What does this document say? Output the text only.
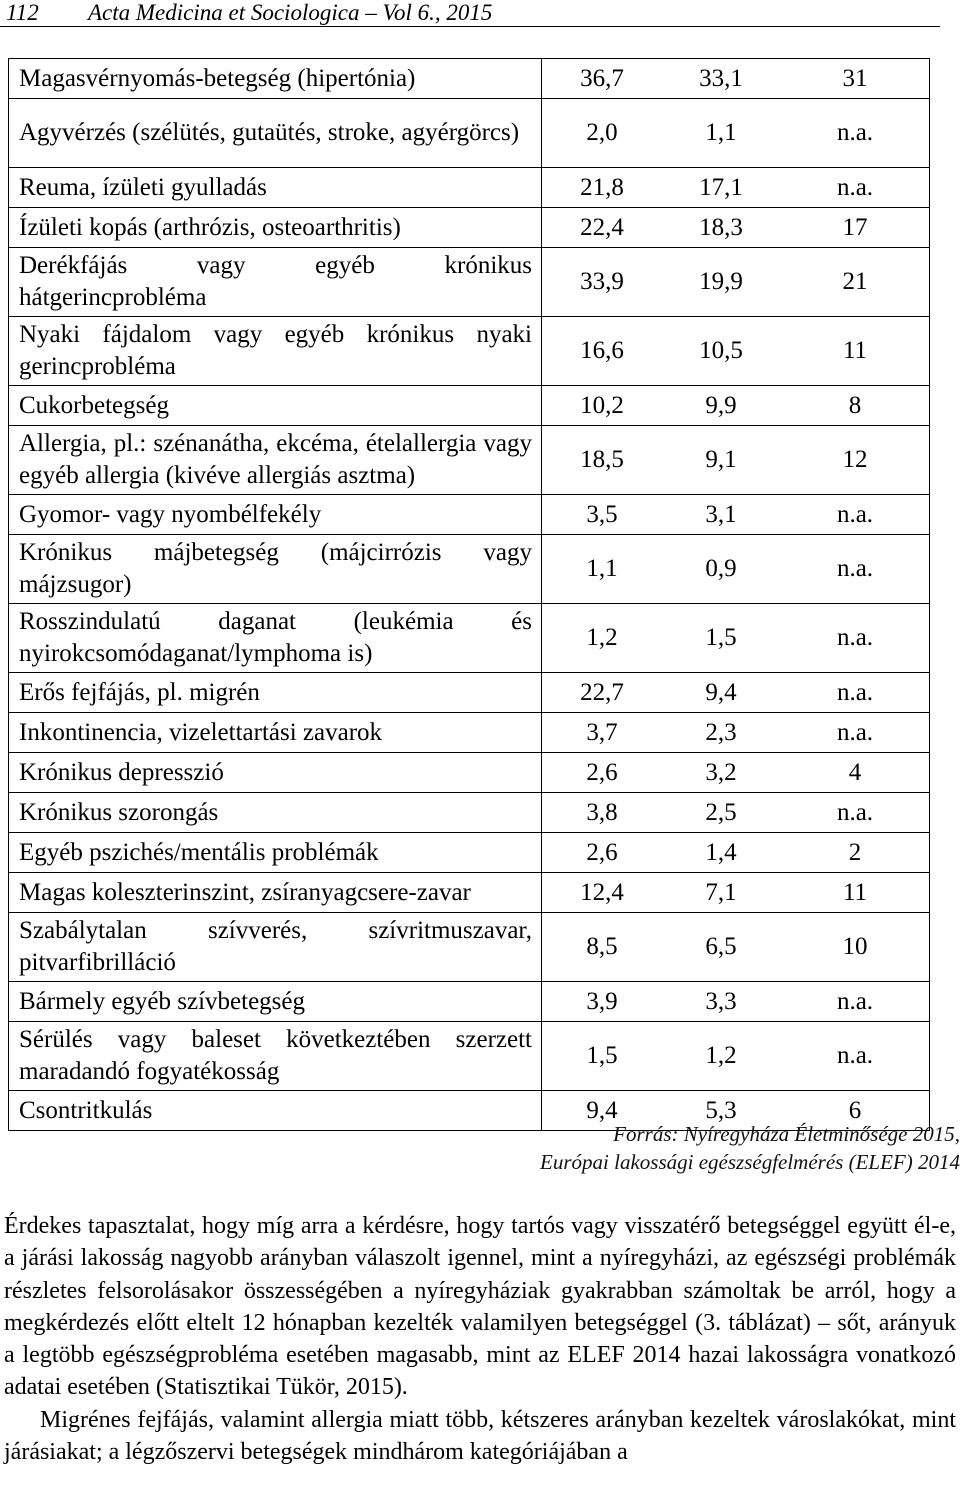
112 Acta Medicina et Sociologica – Vol 6., 2015
Magasvérnyomás-betegség (hipertónia)	36,7	33,1	31
Agyvérzés (szélütés, gutaütés, stroke, agyérgörcs)	2,0	1,1	n.a.
Reuma, ízületi gyulladás	21,8	17,1	n.a.
Ízületi kopás (arthrózis, osteoarthritis)	22,4	18,3	17
Derékfájás vagy egyéb krónikus hátgerincprobléma	33,9	19,9	21
Nyaki fájdalom vagy egyéb krónikus nyaki gerincprobléma	16,6	10,5	11
Cukorbetegség	10,2	9,9	8
Allergia, pl.: szénanátha, ekcéma, ételallergia vagy egyéb allergia (kivéve allergiás asztma)	18,5	9,1	12
Gyomor- vagy nyombélfekély	3,5	3,1	n.a.
Krónikus májbetegség (májcirrózis vagy májzsugor)	1,1	0,9	n.a.
Rosszindulatú daganat (leukémia és nyirokcsomódaganat/lymphoma is)	1,2	1,5	n.a.
Erős fejfájás, pl. migrén	22,7	9,4	n.a.
Inkontinencia, vizelettartási zavarok	3,7	2,3	n.a.
Krónikus depresszió	2,6	3,2	4
Krónikus szorongás	3,8	2,5	n.a.
Egyéb pszichés/mentális problémák	2,6	1,4	2
Magas koleszterinszint, zsíranyagcsere-zavar	12,4	7,1	11
Szabálytalan szívverés, szívritmuszavar, pitvarfibrilláció	8,5	6,5	10
Bármely egyéb szívbetegség	3,9	3,3	n.a.
Sérülés vagy baleset következtében szerzett maradandó fogyatékosság	1,5	1,2	n.a.
Csontritkulás	9,4	5,3	6
Forrás: Nyíregyháza Életminősége 2015,
Európai lakossági egészségfelmérés (ELEF) 2014

Érdekes tapasztalat, hogy míg arra a kérdésre, hogy tartós vagy visszatérő betegséggel együtt él-e, a járási lakosság nagyobb arányban válaszolt igennel, mint a nyíregyházi, az egészségi problémák részletes felsorolásakor összességében a nyíregyháziak gyakrabban számoltak be arról, hogy a megkérdezés előtt eltelt 12 hónapban kezelték valamilyen betegséggel (3. táblázat) – sőt, arányuk a legtöbb egészségprobléma esetében magasabb, mint az ELEF 2014 hazai lakosságra vonatkozó adatai esetében (Statisztikai Tükör, 2015).

Migrénes fejfájás, valamint allergia miatt több, kétszeres arányban kezeltek városlakókat, mint járásiakat; a légzőszervi betegségek mindhárom kategóriájában a
